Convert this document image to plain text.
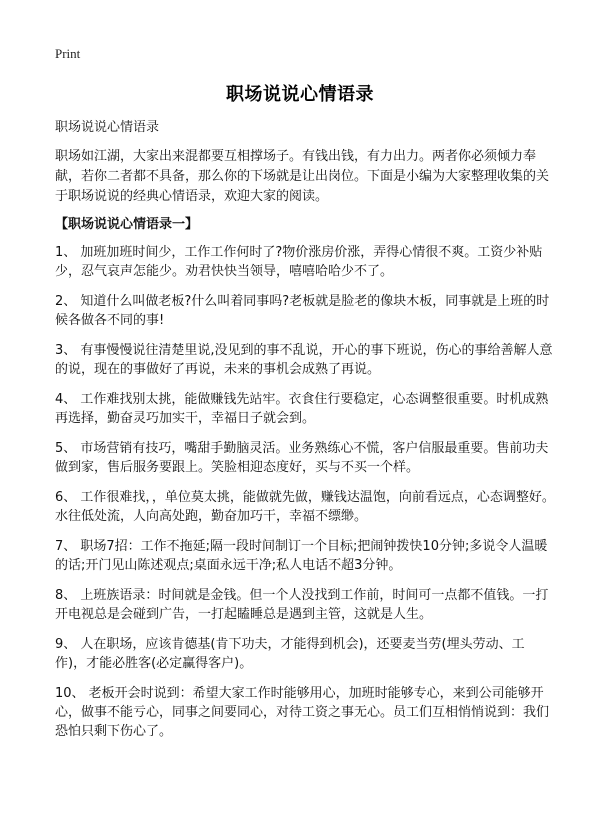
Print
职场说说心情语录

职场说说心情语录

职场如江湖，大家出来混都要互相撑场子。有钱出钱，有力出力。两者你必须倾力奉献，若你二者都不具备，那么你的下场就是让出岗位。下面是小编为大家整理收集的关于职场说说的经典心情语录，欢迎大家的阅读。

【职场说说心情语录一】

1、 加班加班时间少，工作工作何时了?物价涨房价涨，弄得心情很不爽。工资少补贴少，忍气哀声怎能少。劝君快快当领导，嘻嘻哈哈少不了。

2、 知道什么叫做老板?什么叫着同事吗?老板就是脸老的像块木板，同事就是上班的时候各做各不同的事!

3、 有事慢慢说往清楚里说,没见到的事不乱说，开心的事下班说，伤心的事给善解人意的说，现在的事做好了再说，未来的事机会成熟了再说。

4、 工作难找别太挑，能做赚钱先站牢。衣食住行要稳定，心态调整很重要。时机成熟再选择，勤奋灵巧加实干，幸福日子就会到。

5、 市场营销有技巧，嘴甜手勤脑灵活。业务熟练心不慌，客户信服最重要。售前功夫做到家，售后服务要跟上。笑脸相迎态度好，买与不买一个样。

6、 工作很难找，，单位莫太挑，能做就先做，赚钱达温饱，向前看远点，心态调整好。水往低处流，人向高处跑，勤奋加巧干，幸福不缥缈。

7、 职场7招：工作不拖延;隔一段时间制订一个目标;把闹钟拨快10分钟;多说令人温暖的话;开门见山陈述观点;桌面永远干净;私人电话不超3分钟。

8、 上班族语录：时间就是金钱。但一个人没找到工作前，时间可一点都不值钱。一打开电视总是会碰到广告，一打起瞌睡总是遇到主管，这就是人生。

9、 人在职场，应该肯德基(肯下功夫，才能得到机会)，还要麦当劳(埋头劳动、工作)，才能必胜客(必定赢得客户)。

10、 老板开会时说到：希望大家工作时能够用心，加班时能够专心，来到公司能够开心，做事不能亏心，同事之间要同心，对待工资之事无心。员工们互相悄悄说到：我们恐怕只剩下伤心了。
